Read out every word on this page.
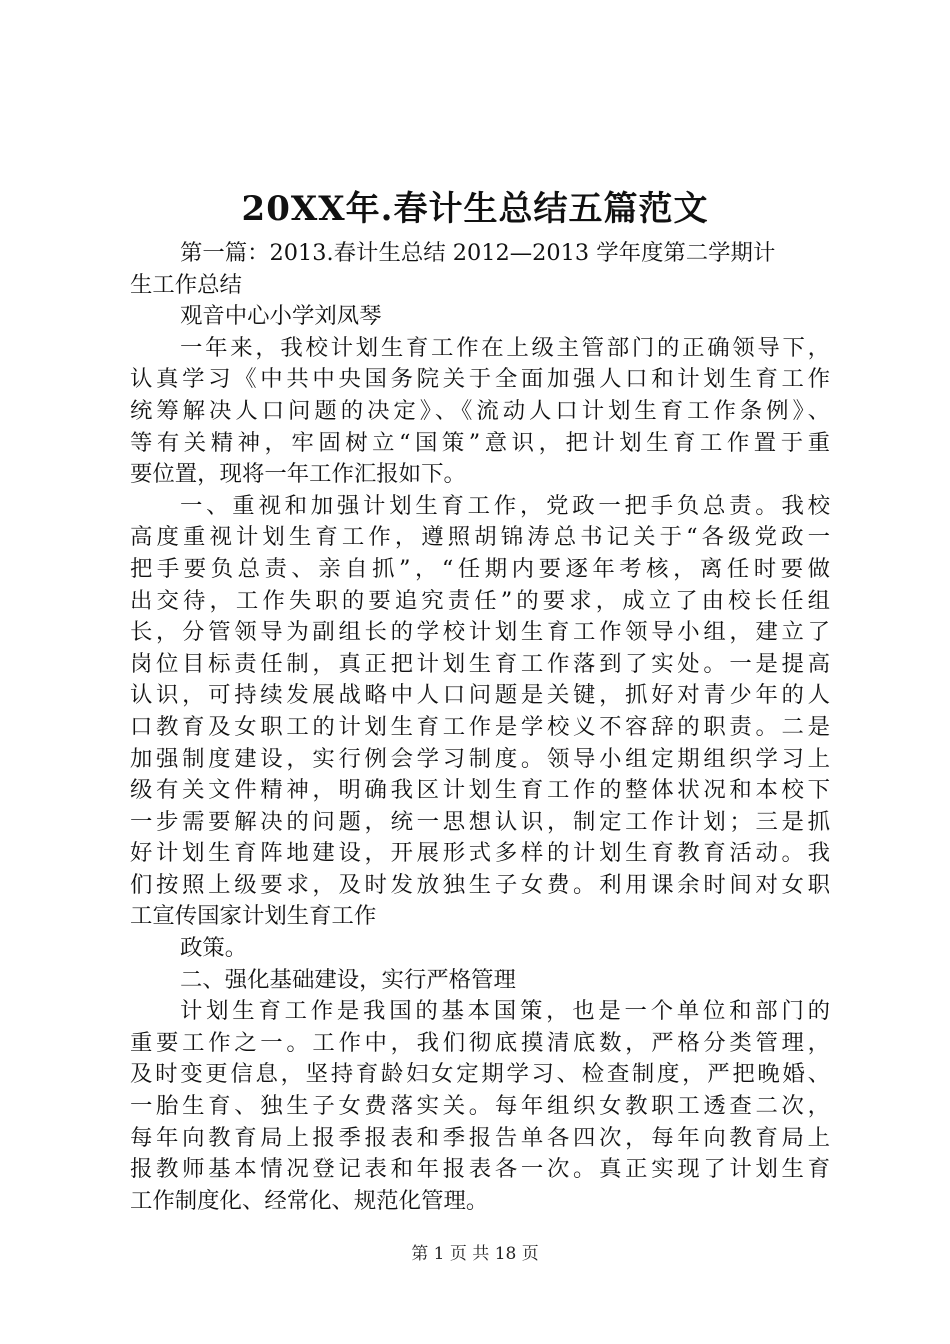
20XX年.春计生总结五篇范文
第一篇：2013.春计生总结 2012—2013 学年度第二学期计
生工作总结
观音中心小学刘凤琴
一年来，我校计划生育工作在上级主管部门的正确领导下，
认真学习《中共中央国务院关于全面加强人口和计划生育工作
统筹解决人口问题的决定》、《流动人口计划生育工作条例》、
等有关精神，牢固树立“国策”意识，把计划生育工作置于重
要位置，现将一年工作汇报如下。
一、重视和加强计划生育工作，党政一把手负总责。我校
高度重视计划生育工作，遵照胡锦涛总书记关于“各级党政一
把手要负总责、亲自抓”，“任期内要逐年考核，离任时要做
出交待，工作失职的要追究责任”的要求，成立了由校长任组
长，分管领导为副组长的学校计划生育工作领导小组，建立了
岗位目标责任制，真正把计划生育工作落到了实处。一是提高
认识，可持续发展战略中人口问题是关键，抓好对青少年的人
口教育及女职工的计划生育工作是学校义不容辞的职责。二是
加强制度建设，实行例会学习制度。领导小组定期组织学习上
级有关文件精神，明确我区计划生育工作的整体状况和本校下
一步需要解决的问题，统一思想认识，制定工作计划；三是抓
好计划生育阵地建设，开展形式多样的计划生育教育活动。我
们按照上级要求，及时发放独生子女费。利用课余时间对女职
工宣传国家计划生育工作
政策。
二、强化基础建设，实行严格管理
计划生育工作是我国的基本国策，也是一个单位和部门的
重要工作之一。工作中，我们彻底摸清底数，严格分类管理，
及时变更信息，坚持育龄妇女定期学习、检查制度，严把晚婚、
一胎生育、独生子女费落实关。每年组织女教职工透查二次，
每年向教育局上报季报表和季报告单各四次，每年向教育局上
报教师基本情况登记表和年报表各一次。真正实现了计划生育
工作制度化、经常化、规范化管理。
第 1 页 共 18 页
